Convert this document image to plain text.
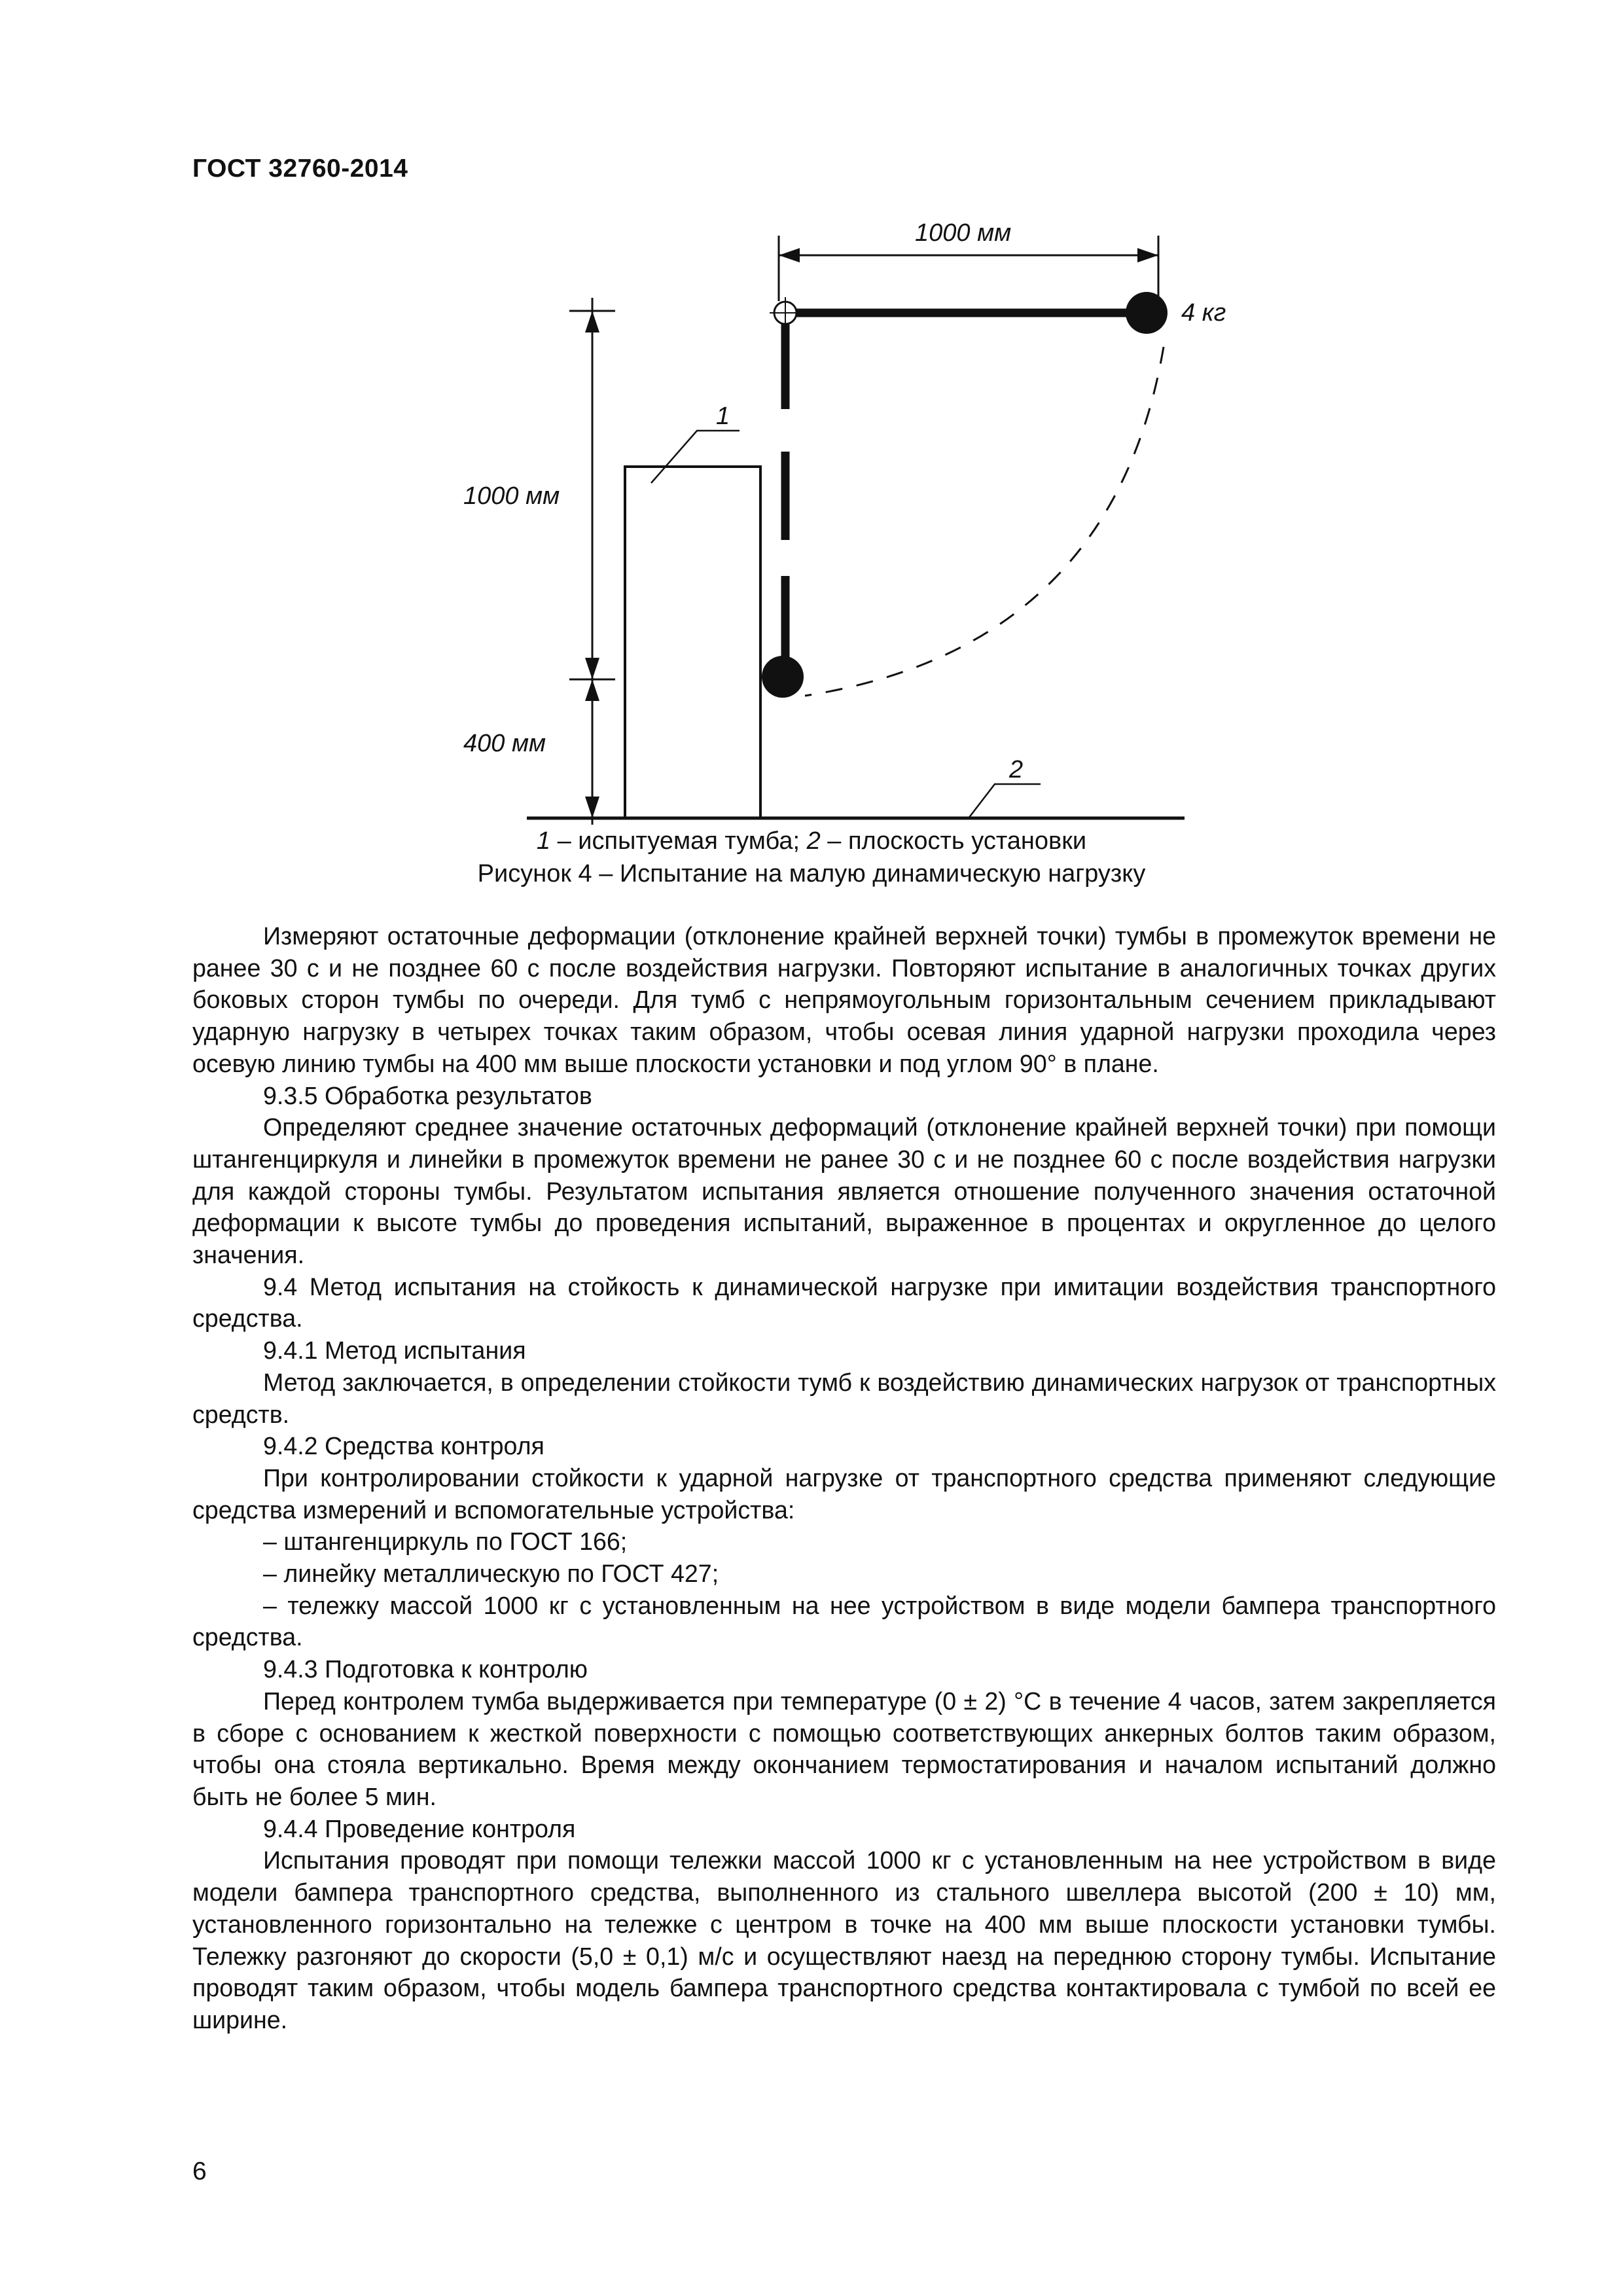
ГОСТ 32760-2014
1000 мм
4 кг
1000 мм
400 мм
1
2
1 – испытуемая тумба; 2 – плоскость установки
Рисунок 4 – Испытание на малую динамическую нагрузку

Измеряют остаточные деформации (отклонение крайней верхней точки) тумбы в промежуток времени не ранее 30 с и не позднее 60 с после воздействия нагрузки. Повторяют испытание в аналогичных точках других боковых сторон тумбы по очереди. Для тумб с непрямоугольным горизонтальным сечением прикладывают ударную нагрузку в четырех точках таким образом, чтобы осевая линия ударной нагрузки проходила через осевую линию тумбы на 400 мм выше плоскости установки и под углом 90° в плане.

9.3.5 Обработка результатов

Определяют среднее значение остаточных деформаций (отклонение крайней верхней точки) при помощи штангенциркуля и линейки в промежуток времени не ранее 30 с и не позднее 60 с после воздействия нагрузки для каждой стороны тумбы. Результатом испытания является отношение полученного значения остаточной деформации к высоте тумбы до проведения испытаний, выраженное в процентах и округленное до целого значения.

9.4 Метод испытания на стойкость к динамической нагрузке при имитации воздействия транспортного средства.

9.4.1 Метод испытания

Метод заключается, в определении стойкости тумб к воздействию динамических нагрузок от транспортных средств.

9.4.2 Средства контроля

При контролировании стойкости к ударной нагрузке от транспортного средства применяют следующие средства измерений и вспомогательные устройства:

– штангенциркуль по ГОСТ 166;

– линейку металлическую по ГОСТ 427;

– тележку массой 1000 кг с установленным на нее устройством в виде модели бампера транспортного средства.

9.4.3 Подготовка к контролю

Перед контролем тумба выдерживается при температуре (0 ± 2) °С в течение 4 часов, затем закрепляется в сборе с основанием к жесткой поверхности с помощью соответствующих анкерных болтов таким образом, чтобы она стояла вертикально. Время между окончанием термостатирования и началом испытаний должно быть не более 5 мин.

9.4.4 Проведение контроля

Испытания проводят при помощи тележки массой 1000 кг с установленным на нее устройством в виде модели бампера транспортного средства, выполненного из стального швеллера высотой (200 ± 10) мм, установленного горизонтально на тележке с центром в точке на 400 мм выше плоскости установки тумбы. Тележку разгоняют до скорости (5,0 ± 0,1) м/с и осуществляют наезд на переднюю сторону тумбы. Испытание проводят таким образом, чтобы модель бампера транспортного средства контактировала с тумбой по всей ее ширине.

6
